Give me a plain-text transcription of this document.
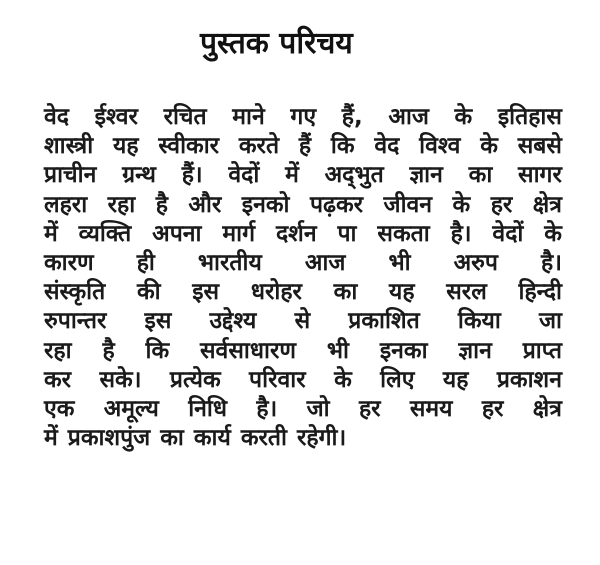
पुस्तक परिचय
वेद ईश्वर रचित माने गए हैं, आज के इतिहास
शास्त्री यह स्वीकार करते हैं कि वेद विश्व के सबसे
प्राचीन ग्रन्थ हैं। वेदों में अद्‌भुत ज्ञान का सागर
लहरा रहा है और इनको पढ़कर जीवन के हर क्षेत्र
में व्यक्ति अपना मार्ग दर्शन पा सकता है। वेदों के
कारण ही भारतीय आज भी अरुप है।
संस्कृति की इस धरोहर का यह सरल हिन्दी
रुपान्तर इस उद्देश्य से प्रकाशित किया जा
रहा है कि सर्वसाधारण भी इनका ज्ञान प्राप्त
कर सके। प्रत्येक परिवार के लिए यह प्रकाशन
एक अमूल्य निधि है। जो हर समय हर क्षेत्र
में प्रकाशपुंज का कार्य करती रहेगी।
